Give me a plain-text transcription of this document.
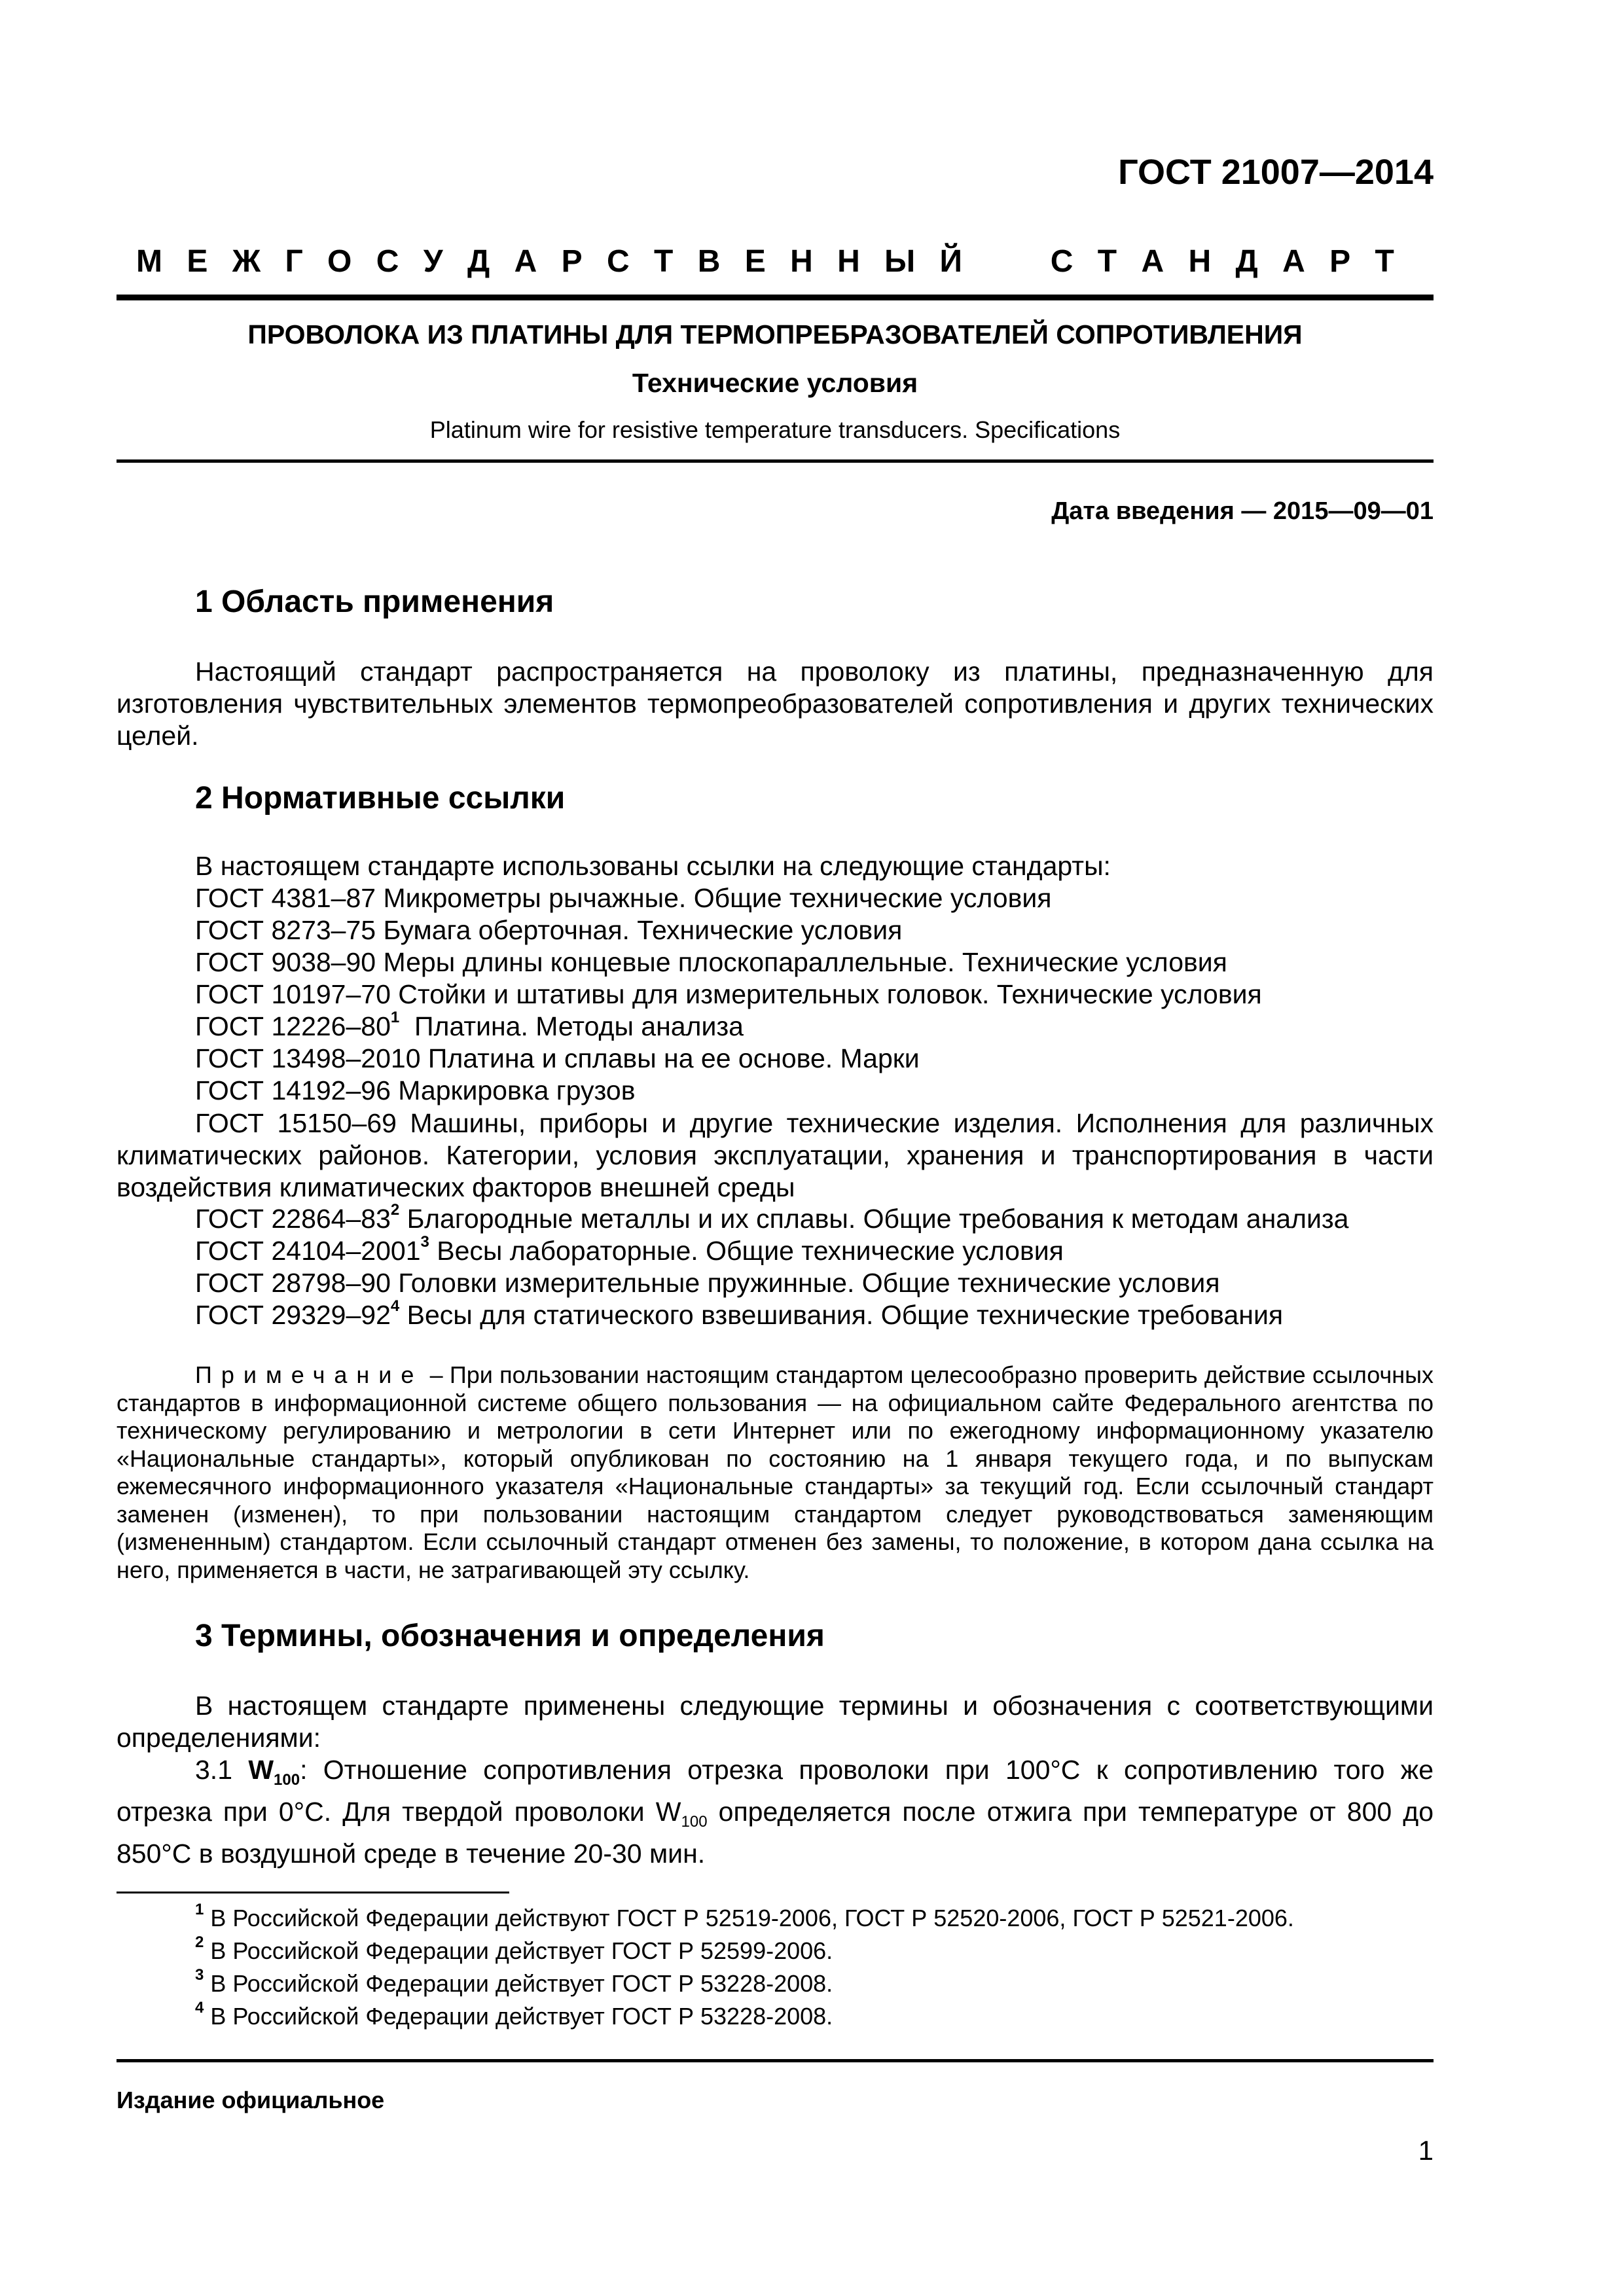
ГОСТ 21007—2014
М Е Ж Г О С У Д А Р С Т В Е Н Н Ы Й	С Т А Н Д А Р Т
ПРОВОЛОКА ИЗ ПЛАТИНЫ ДЛЯ ТЕРМОПРЕБРАЗОВАТЕЛЕЙ СОПРОТИВЛЕНИЯ
Технические условия
Platinum wire for resistive temperature transducers. Specifications
Дата введения — 2015—09—01
1 Область применения
Настоящий стандарт распространяется на проволоку из платины, предназначенную для изготовления чувствительных элементов термопреобразователей сопротивления и других технических целей.
2 Нормативные ссылки
В настоящем стандарте использованы ссылки на следующие стандарты:
ГОСТ 4381–87 Микрометры рычажные. Общие технические условия
ГОСТ 8273–75 Бумага оберточная. Технические условия
ГОСТ 9038–90 Меры длины концевые плоскопараллельные. Технические условия
ГОСТ 10197–70 Стойки и штативы для измерительных головок. Технические условия
ГОСТ $12226-80^1$  Платина. Методы анализа
ГОСТ 13498–2010 Платина и сплавы на ее основе. Марки
ГОСТ 14192–96 Маркировка грузов
ГОСТ 15150–69 Машины, приборы и другие технические изделия. Исполнения для различных климатических районов. Категории, условия эксплуатации, хранения и транспортирования в части воздействия климатических факторов внешней среды
ГОСТ $22864-83^2$ Благородные металлы и их сплавы. Общие требования к методам анализа
ГОСТ 24104–2001$^3$ Весы лабораторные. Общие технические условия
ГОСТ 28798–90 Головки измерительные пружинные. Общие технические условия
ГОСТ $29329-92^4$ Весы для статического взвешивания. Общие технические требования
Примечание – При пользовании настоящим стандартом целесообразно проверить действие ссылочных стандартов в информационной системе общего пользования — на официальном сайте Федерального агентства по техническому регулированию и метрологии в сети Интернет или по ежегодному информационному указателю «Национальные стандарты», который опубликован по состоянию на 1 января текущего года, и по выпускам ежемесячного информационного указателя «Национальные стандарты» за текущий год. Если ссылочный стандарт заменен (изменен), то при пользовании настоящим стандартом следует руководствоваться заменяющим (измененным) стандартом. Если ссылочный стандарт отменен без замены, то положение, в котором дана ссылка на него, применяется в части, не затрагивающей эту ссылку.
3 Термины, обозначения и определения
В настоящем стандарте применены следующие термины и обозначения с соответствующими определениями:
3.1 $W_{100}$: Отношение сопротивления отрезка проволоки при 100°С к сопротивлению того же отрезка при 0°С. Для твердой проволоки $W_{100}$ определяется после отжига при температуре от 800 до 850°С в воздушной среде в течение 20-30 мин.
$^1$ В Российской Федерации действуют ГОСТ Р 52519-2006, ГОСТ Р 52520-2006, ГОСТ Р 52521-2006.
$^2$ В Российской Федерации действует ГОСТ Р 52599-2006.
$^3$ В Российской Федерации действует ГОСТ Р 53228-2008.
$^4$ В Российской Федерации действует ГОСТ Р 53228-2008.
Издание официальное
1
